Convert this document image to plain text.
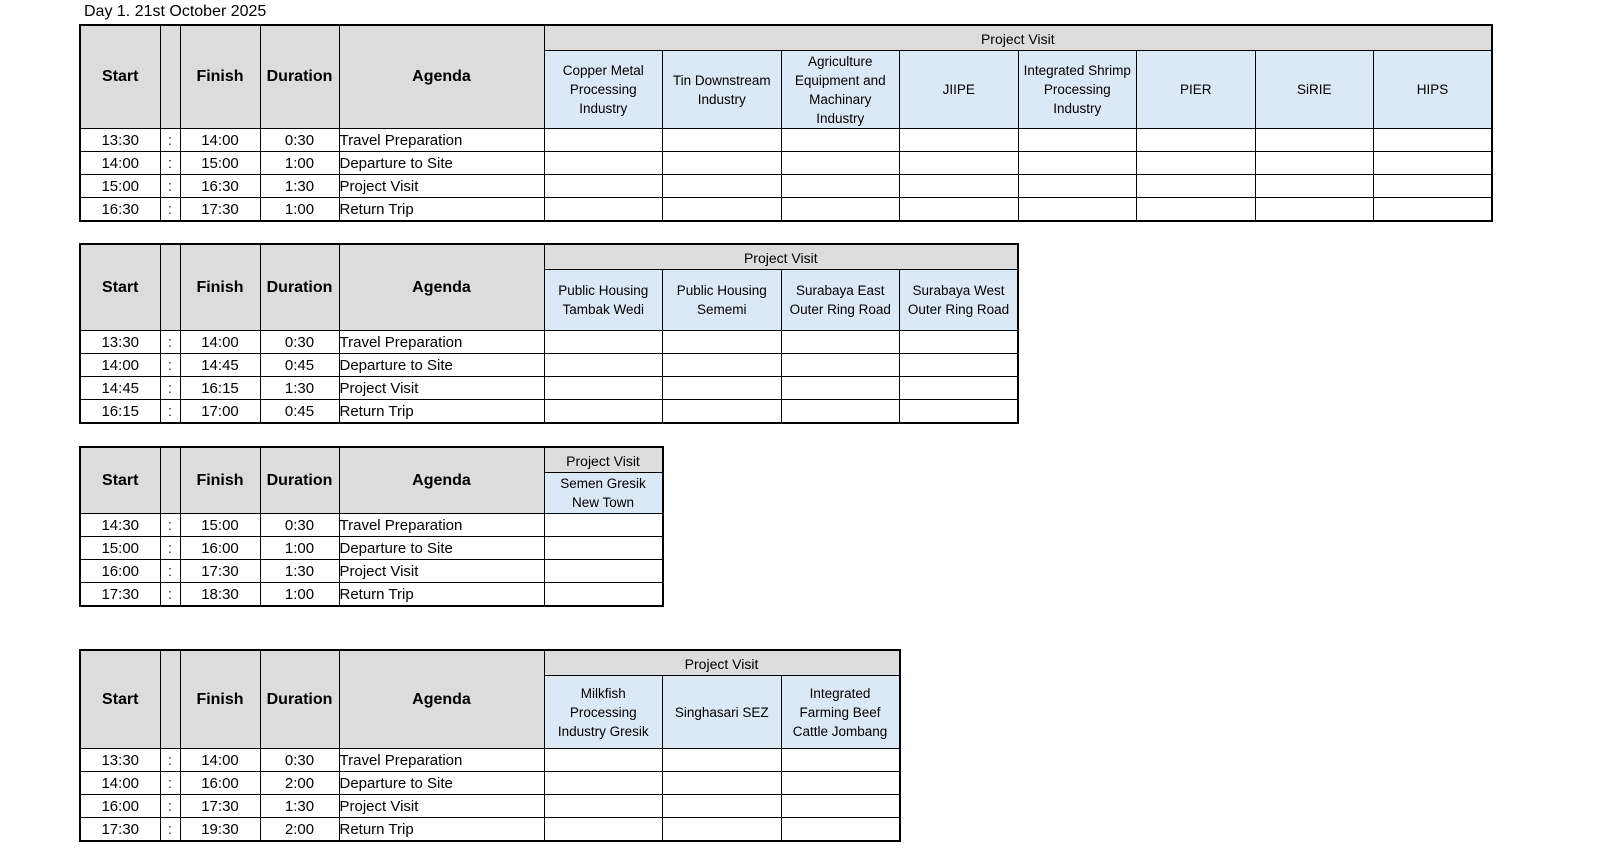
Day 1. 21st October 2025
Start		Finish	Duration	Agenda	Project Visit							
					Copper Metal Processing Industry	Tin Downstream Industry	Agriculture Equipment and Machinary Industry	JIIPE	Integrated Shrimp Processing Industry	PIER	SiRIE	HIPS
13:30	:	14:00	0:30	Travel Preparation								
14:00	:	15:00	1:00	Departure to Site								
15:00	:	16:30	1:30	Project Visit								
16:30	:	17:30	1:00	Return Trip								
Start		Finish	Duration	Agenda	Project Visit			
					Public Housing Tambak Wedi	Public Housing Sememi	Surabaya East Outer Ring Road	Surabaya West Outer Ring Road
13:30	:	14:00	0:30	Travel Preparation				
14:00	:	14:45	0:45	Departure to Site				
14:45	:	16:15	1:30	Project Visit				
16:15	:	17:00	0:45	Return Trip				
Start		Finish	Duration	Agenda	Project Visit
					Semen Gresik New Town
14:30	:	15:00	0:30	Travel Preparation	
15:00	:	16:00	1:00	Departure to Site	
16:00	:	17:30	1:30	Project Visit	
17:30	:	18:30	1:00	Return Trip	
Start		Finish	Duration	Agenda	Project Visit		
					Milkfish Processing Industry Gresik	Singhasari SEZ	Integrated Farming Beef Cattle Jombang
13:30	:	14:00	0:30	Travel Preparation			
14:00	:	16:00	2:00	Departure to Site			
16:00	:	17:30	1:30	Project Visit			
17:30	:	19:30	2:00	Return Trip			
